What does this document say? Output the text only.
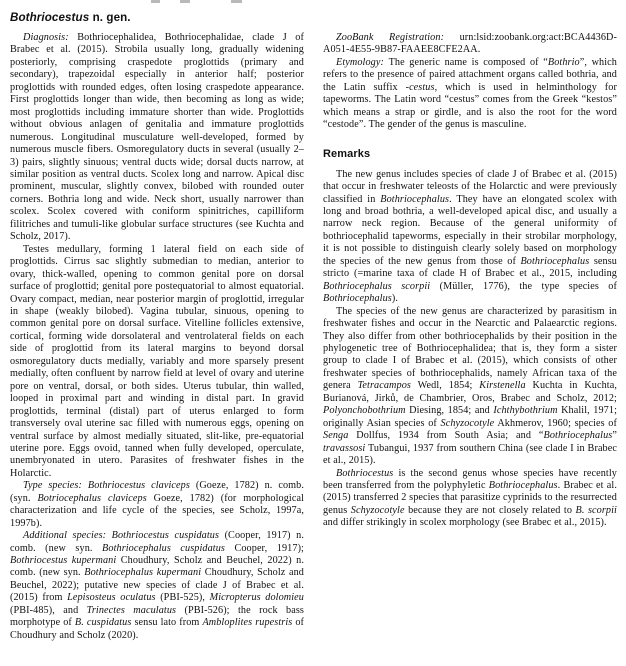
Bothriocestus n. gen.

Diagnosis: Bothriocephalidea, Bothriocephalidae, clade J of Brabec et al. (2015). Strobila usually long, gradually widening posteriorly, comprising craspedote proglottids (primary and secondary), trapezoidal especially in anterior half; posterior proglottids with rounded edges, often losing craspedote appearance. First proglottids longer than wide, then becoming as long as wide; most proglottids including immature shorter than wide. Proglottids without obvious anlagen of genitalia and immature proglottids numerous. Longitudinal musculature well-developed, formed by numerous muscle fibers. Osmoregulatory ducts in several (usually 2–3) pairs, slightly sinuous; ventral ducts wide; dorsal ducts narrow, at similar position as ventral ducts. Scolex long and narrow. Apical disc prominent, muscular, slightly convex, bilobed with rounded outer corners. Bothria long and wide. Neck short, usually narrower than scolex. Scolex covered with coniform spinitriches, capilliform filitriches and tumuli-like globular surface structures (see Kuchta and Scholz, 2017).

Testes medullary, forming 1 lateral field on each side of proglottids. Cirrus sac slightly submedian to median, anterior to ovary, thick-walled, opening to common genital pore on dorsal surface of proglottid; genital pore postequatorial to almost equatorial. Ovary compact, median, near posterior margin of proglottid, irregular in shape (weakly bilobed). Vagina tubular, sinuous, opening to common genital pore on dorsal surface. Vitelline follicles extensive, cortical, forming wide dorsolateral and ventrolateral fields on each side of proglottid from its lateral margins to beyond dorsal osmoregulatory ducts medially, variably and more sparsely present medially, often confluent by narrow field at level of ovary and uterine pore on ventral, dorsal, or both sides. Uterus tubular, thin walled, looped in proximal part and winding in distal part. In gravid proglottids, terminal (distal) part of uterus enlarged to form transversely oval uterine sac filled with numerous eggs, opening on ventral surface by almost medially situated, slit-like, pre-equatorial uterine pore. Eggs ovoid, tanned when fully developed, operculate, unembryonated in utero. Parasites of freshwater fishes in the Holarctic.

Type species: Bothriocestus claviceps (Goeze, 1782) n. comb. (syn. Botriocephalus claviceps Goeze, 1782) (for morphological characterization and life cycle of the species, see Scholz, 1997a, 1997b).

Additional species: Bothriocestus cuspidatus (Cooper, 1917) n. comb. (new syn. Bothriocephalus cuspidatus Cooper, 1917); Bothriocestus kupermani Choudhury, Scholz and Beuchel, 2022) n. comb. (new syn. Bothriocephalus kupermani Choudhury, Scholz and Beuchel, 2022); putative new species of clade J of Brabec et al. (2015) from Lepisosteus oculatus (PBI-525), Micropterus dolomieu (PBI-485), and Trinectes maculatus (PBI-526); the rock bass morphotype of B. cuspidatus sensu lato from Ambloplites rupestris of Choudhury and Scholz (2020).

ZooBank Registration: urn:lsid:zoobank.org:act:BCA4436D-A051-4E55-9B87-FAAEE8CFE2AA.

Etymology: The generic name is composed of “Bothrio”, which refers to the presence of paired attachment organs called bothria, and the Latin suffix -cestus, which is used in helminthology for tapeworms. The Latin word “cestus” comes from the Greek “kestos” which means a strap or girdle, and is also the root for the word “cestode”. The gender of the genus is masculine.

Remarks

The new genus includes species of clade J of Brabec et al. (2015) that occur in freshwater teleosts of the Holarctic and were previously classified in Bothriocephalus. They have an elongated scolex with long and broad bothria, a well-developed apical disc, and usually a narrow neck region. Because of the general uniformity of bothriocephalid tapeworms, especially in their strobilar morphology, it is not possible to distinguish clearly solely based on morphology the species of the new genus from those of Bothriocephalus sensu stricto (=marine taxa of clade H of Brabec et al., 2015, including Bothriocephalus scorpii (Müller, 1776), the type species of Bothriocephalus).

The species of the new genus are characterized by parasitism in freshwater fishes and occur in the Nearctic and Palaearctic regions. They also differ from other bothriocephalids by their position in the phylogenetic tree of Bothriocephalidea; that is, they form a sister group to clade I of Brabec et al. (2015), which consists of other freshwater species of bothriocephalids, namely African taxa of the genera Tetracampos Wedl, 1854; Kirstenella Kuchta in Kuchta, Burianová, Jirků, de Chambrier, Oros, Brabec and Scholz, 2012; Polyonchobothrium Diesing, 1854; and Ichthybothrium Khalil, 1971; originally Asian species of Schyzocotyle Akhmerov, 1960; species of Senga Dollfus, 1934 from South Asia; and “Bothriocephalus” travassosi Tubangui, 1937 from southern China (see clade I in Brabec et al., 2015).

Bothriocestus is the second genus whose species have recently been transferred from the polyphyletic Bothriocephalus. Brabec et al. (2015) transferred 2 species that parasitize cyprinids to the resurrected genus Schyzocotyle because they are not closely related to B. scorpii and differ strikingly in scolex morphology (see Brabec et al., 2015).
